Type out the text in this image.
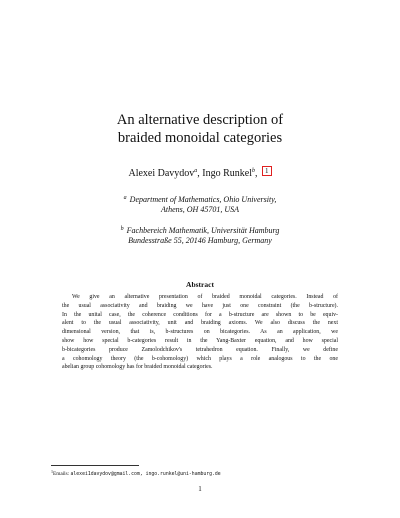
An alternative description of
braided monoidal categories
Alexei Davydov$^a$, Ingo Runkel$^b$, 1
$^a$ Department of Mathematics, Ohio University,
Athens, OH 45701, USA
$^b$ Fachbereich Mathematik, Universität Hamburg
Bundesstraße 55, 20146 Hamburg, Germany
Abstract
We give an alternative presentation of braided monoidal categories. Instead of
the usual associativity and braiding we have just one constraint (the b-structure).
In the unital case, the coherence conditions for a b-structure are shown to be equiv-
alent to the usual associativity, unit and braiding axioms. We also discuss the next
dimensional version, that is, b-structures on bicategories. As an application, we
show how special b-categories result in the Yang-Baxter equation, and how special
b-bicategories produce Zamolodchikov's tetrahedron equation. Finally, we define
a cohomology theory (the b-cohomology) which plays a role analogous to the one
abelian group cohomology has for braided monoidal categories.
$^1$Emails: alexei1davydov@gmail.com, ingo.runkel@uni-hamburg.de
1
